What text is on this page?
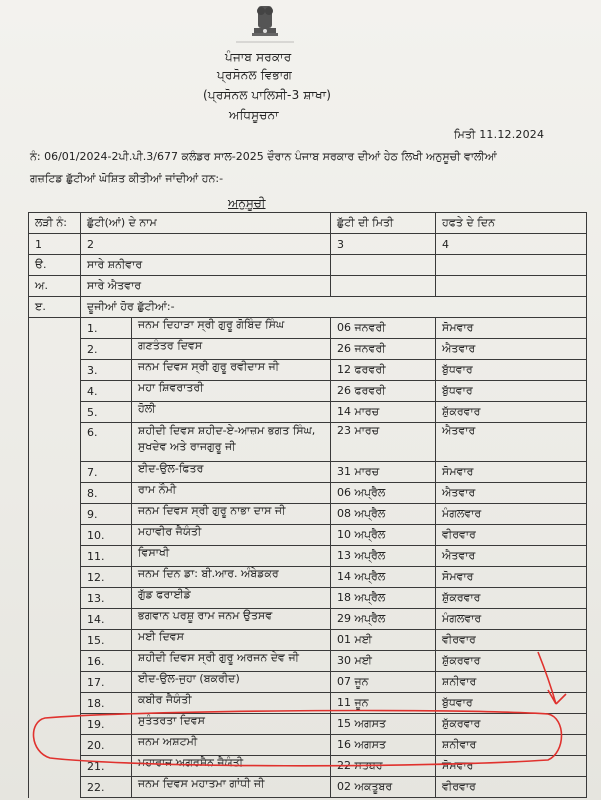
ਪੰਜਾਬ ਸਰਕਾਰ
ਪ੍ਰਸੋਨਲ ਵਿਭਾਗ
(ਪ੍ਰਸੋਨਲ ਪਾਲਿਸੀ-3 ਸ਼ਾਖਾ)
ਅਧਿਸੂਚਨਾ
ਮਿਤੀ 11.12.2024
ਨੰ: 06/01/2024-2ਪੀ.ਪੀ.3/677 ਕਲੰਡਰ ਸਾਲ-2025 ਦੌਰਾਨ ਪੰਜਾਬ ਸਰਕਾਰ ਦੀਆਂ ਹੇਠ ਲਿਖੀ ਅਨੁਸੂਚੀ ਵਾਲੀਆਂ
ਗਜ਼ਟਿਡ ਛੁੱਟੀਆਂ ਘੋਸ਼ਿਤ ਕੀਤੀਆਂ ਜਾਂਦੀਆਂ ਹਨ:-
ਅਨੁਸੂਚੀ
ਲੜੀ ਨੰ:	ਛੁੱਟੀ(ਆਂ) ਦੇ ਨਾਮ	ਛੁੱਟੀ ਦੀ ਮਿਤੀ	ਹਫਤੇ ਦੇ ਦਿਨ
1	2	3	4
ੳ.	ਸਾਰੇ ਸ਼ਨੀਵਾਰ		
ਅ.	ਸਾਰੇ ਐਤਵਾਰ		
ੲ.	ਦੂਜੀਆਂ ਹੋਰ ਛੁੱਟੀਆਂ:-		

1. ਜਨਮ ਦਿਹਾੜਾ ਸ੍ਰੀ ਗੁਰੂ ਗੋਬਿੰਦ ਸਿੰਘ	06 ਜਨਵਰੀ	ਸੋਮਵਾਰ

2. ਗਣਤੰਤਰ ਦਿਵਸ	26 ਜਨਵਰੀ	ਐਤਵਾਰ

3. ਜਨਮ ਦਿਵਸ ਸ੍ਰੀ ਗੁਰੂ ਰਵੀਦਾਸ ਜੀ	12 ਫਰਵਰੀ	ਬੁੱਧਵਾਰ

4. ਮਹਾ ਸ਼ਿਵਰਾਤਰੀ	26 ਫਰਵਰੀ	ਬੁੱਧਵਾਰ

5. ਹੋਲੀ	14 ਮਾਰਚ	ਸ਼ੁੱਕਰਵਾਰ

6. ਸ਼ਹੀਦੀ ਦਿਵਸ ਸ਼ਹੀਦ-ਏ-ਆਜ਼ਮ ਭਗਤ ਸਿੰਘ, ਸੁਖਦੇਵ ਅਤੇ ਰਾਜਗੁਰੂ ਜੀ	23 ਮਾਰਚ	ਐਤਵਾਰ

7. ਈਦ-ਉਲ-ਫਿਤਰ	31 ਮਾਰਚ	ਸੋਮਵਾਰ

8. ਰਾਮ ਨੌਮੀ	06 ਅਪ੍ਰੈਲ	ਐਤਵਾਰ

9. ਜਨਮ ਦਿਵਸ ਸ੍ਰੀ ਗੁਰੂ ਨਾਭਾ ਦਾਸ ਜੀ	08 ਅਪ੍ਰੈਲ	ਮੰਗਲਵਾਰ

10. ਮਹਾਵੀਰ ਜੈਯੰਤੀ	10 ਅਪ੍ਰੈਲ	ਵੀਰਵਾਰ

11. ਵਿਸਾਖੀ	13 ਅਪ੍ਰੈਲ	ਐਤਵਾਰ

12. ਜਨਮ ਦਿਨ ਡਾ: ਬੀ.ਆਰ. ਅੰਬੇਡਕਰ	14 ਅਪ੍ਰੈਲ	ਸੋਮਵਾਰ

13. ਗੁੱਡ ਫਰਾਈਡੇ	18 ਅਪ੍ਰੈਲ	ਸ਼ੁੱਕਰਵਾਰ

14. ਭਗਵਾਨ ਪਰਸ਼ੂ ਰਾਮ ਜਨਮ ਉਤਸਵ	29 ਅਪ੍ਰੈਲ	ਮੰਗਲਵਾਰ

15. ਮਈ ਦਿਵਸ	01 ਮਈ	ਵੀਰਵਾਰ

16. ਸ਼ਹੀਦੀ ਦਿਵਸ ਸ੍ਰੀ ਗੁਰੂ ਅਰਜਨ ਦੇਵ ਜੀ	30 ਮਈ	ਸ਼ੁੱਕਰਵਾਰ

17. ਈਦ-ਉਲ-ਜੁਹਾ (ਬਕਰੀਦ)	07 ਜੂਨ	ਸ਼ਨੀਵਾਰ

18. ਕਬੀਰ ਜੈਯੰਤੀ	11 ਜੂਨ	ਬੁੱਧਵਾਰ

19. ਸੁਤੰਤਰਤਾ ਦਿਵਸ	15 ਅਗਸਤ	ਸ਼ੁੱਕਰਵਾਰ

20. ਜਨਮ ਅਸ਼ਟਮੀ	16 ਅਗਸਤ	ਸ਼ਨੀਵਾਰ

21. ਮਹਾਰਾਜ ਅਗਰਸੈਨ ਜੈਯੰਤੀ	22 ਸਤਬਰ	ਸੋਮਵਾਰ

22. ਜਨਮ ਦਿਵਸ ਮਹਾਤਮਾ ਗਾਂਧੀ ਜੀ	02 ਅਕਤੂਬਰ	ਵੀਰਵਾਰ
